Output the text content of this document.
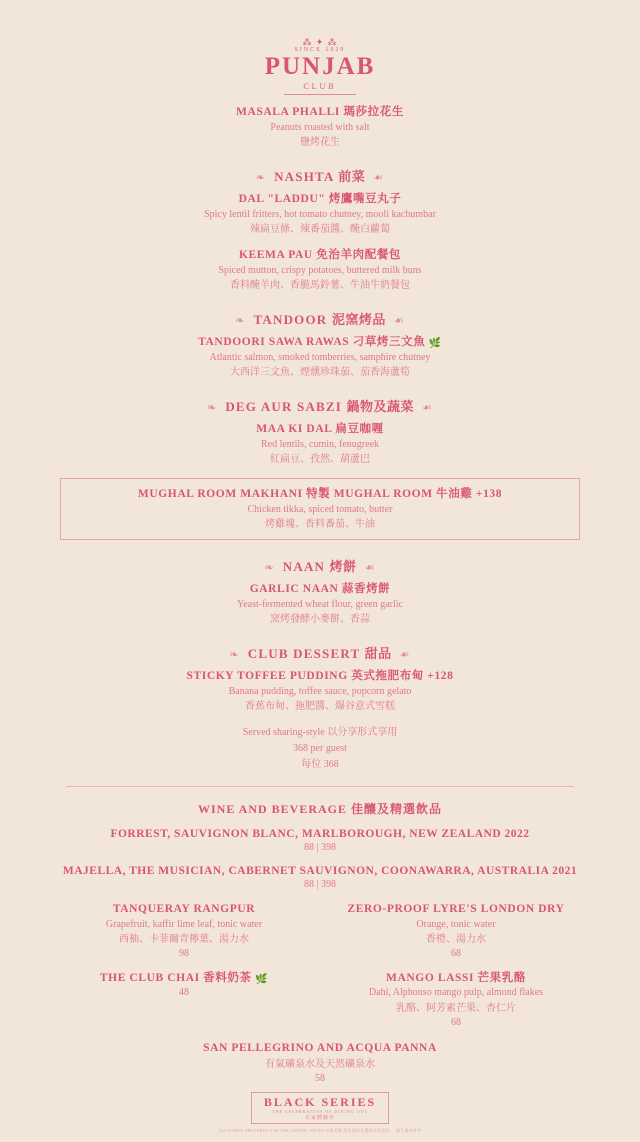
⁂ ✦ ⁂
SINCE 1920
PUNJAB
CLUB
MASALA PHALLI 瑪莎拉花生
Peanuts roasted with salt
鹽烤花生
❧ NASHTA 前菜 ☙
DAL "LADDU" 烤鷹嘴豆丸子
Spicy lentil fritters, hot tomato chutney, mooli kachumbar
辣扁豆條、辣番茄醬、醃白蘿蔔
KEEMA PAU 免治羊肉配餐包
Spiced mutton, crispy potatoes, buttered milk buns
香料醃羊肉、香脆馬鈴薯、牛油牛奶餐包
❧ TANDOOR 泥窯烤品 ☙
TANDOORI SAWA RAWAS 刁草烤三文魚 🌿
Atlantic salmon, smoked tomberries, samphire chutney
大西洋三文魚、煙燻珍珠茄、茄香海蘆筍
❧ DEG AUR SABZI 鍋物及蔬菜 ☙
MAA KI DAL 扁豆咖喱
Red lentils, cumin, fenugreek
紅扁豆、孜然、葫蘆巴
MUGHAL ROOM MAKHANI 特製 MUGHAL ROOM 牛油雞 +138
Chicken tikka, spiced tomato, butter
烤雞塊、香料番茄、牛油
❧ NAAN 烤餅 ☙
GARLIC NAAN 蒜香烤餅
Yeast-fermented wheat flour, green garlic
窯烤發酵小麥餅、香蒜
❧ CLUB DESSERT 甜品 ☙
STICKY TOFFEE PUDDING 英式拖肥布甸 +128
Banana pudding, toffee sauce, popcorn gelato
香蕉布甸、拖肥醬、爆谷意式雪糕
Served sharing-style 以分享形式享用
368 per guest
每位 368
WINE AND BEVERAGE 佳釀及精選飲品
FORREST, SAUVIGNON BLANC, MARLBOROUGH, NEW ZEALAND 2022
88 | 398
MAJELLA, THE MUSICIAN, CABERNET SAUVIGNON, COONAWARRA, AUSTRALIA 2021
88 | 398
TANQUERAY RANGPUR
Grapefruit, kaffir lime leaf, tonic water
西柚、卡菲爾青檸葉、湯力水
98
THE CLUB CHAI 香料奶茶 🌿
48
ZERO-PROOF LYRE'S LONDON DRY
Orange, tonic water
香橙、湯力水
68
MANGO LASSI 芒果乳酪
Dahi, Alphonso mango pulp, almond flakes
乳酪、阿芳素芒果、杏仁片
68
SAN PELLEGRINO AND ACQUA PANNA
有氣礦泉水及天然礦泉水
58
BLACK SERIES
THE CELEBRATION OF DINING OUT
在家體驗外
ALL WORDS ARE SUBJECT OF THE LEGEND / PAGES 外賣美饌 所有資料及價格可作更改 ‧ 圖片僅供參考
